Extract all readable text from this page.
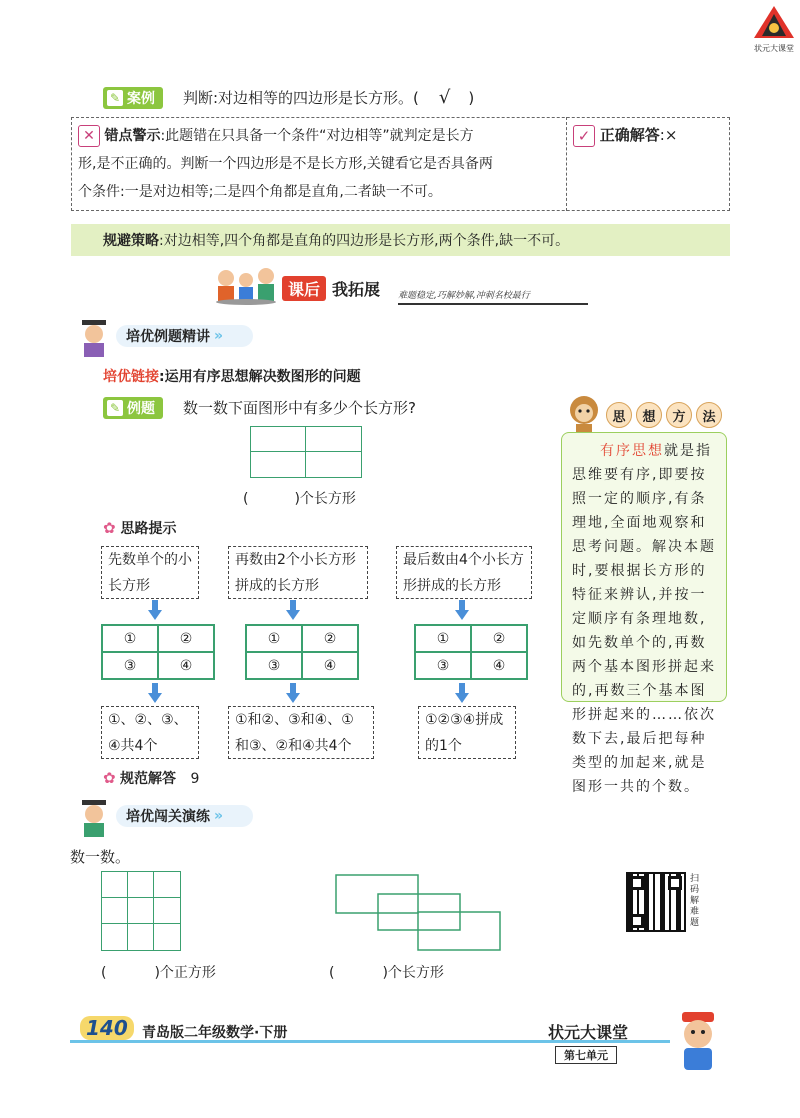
状元大课堂
✎ 案例 判断:对边相等的四边形是长方形。( √ )
✕ 错点警示:此题错在只具备一个条件“对边相等”就判定是长方
形,是不正确的。判断一个四边形是不是长方形,关键看它是否具备两
个条件:一是对边相等;二是四个角都是直角,二者缺一不可。
✓ 正确解答:×
规避策略:对边相等,四个角都是直角的四边形是长方形,两个条件,缺一不可。
课后 我拓展 难题稳定,巧解妙解,冲刺名校最行
培优例题精讲 »
培优链接:运用有序思想解决数图形的问题
✎ 例题 数一数下面图形中有多少个长方形?
(	)个长方形
✿ 思路提示
先数单个的小长方形
①	②
③	④
①、②、③、④共4个
再数由2个小长方形拼成的长方形
①	②
③	④
①和②、③和④、①和③、②和④共4个
最后数由4个小长方形拼成的长方形
①	②
③	④
①②③④拼成的1个
✿ 规范解答 9
思	想	方	法
有序思想就是指思维要有序,即要按照一定的顺序,有条理地,全面地观察和思考问题。解决本题时,要根据长方形的特征来辨认,并按一定顺序有条理地数,如先数单个的,再数两个基本图形拼起来的,再数三个基本图形拼起来的……依次数下去,最后把每种类型的加起来,就是图形一共的个数。
培优闯关演练 »
数一数。
(	)个正方形	(	)个长方形
扫码解难题
140	青岛版二年级数学·下册	状元大课堂
第七单元
